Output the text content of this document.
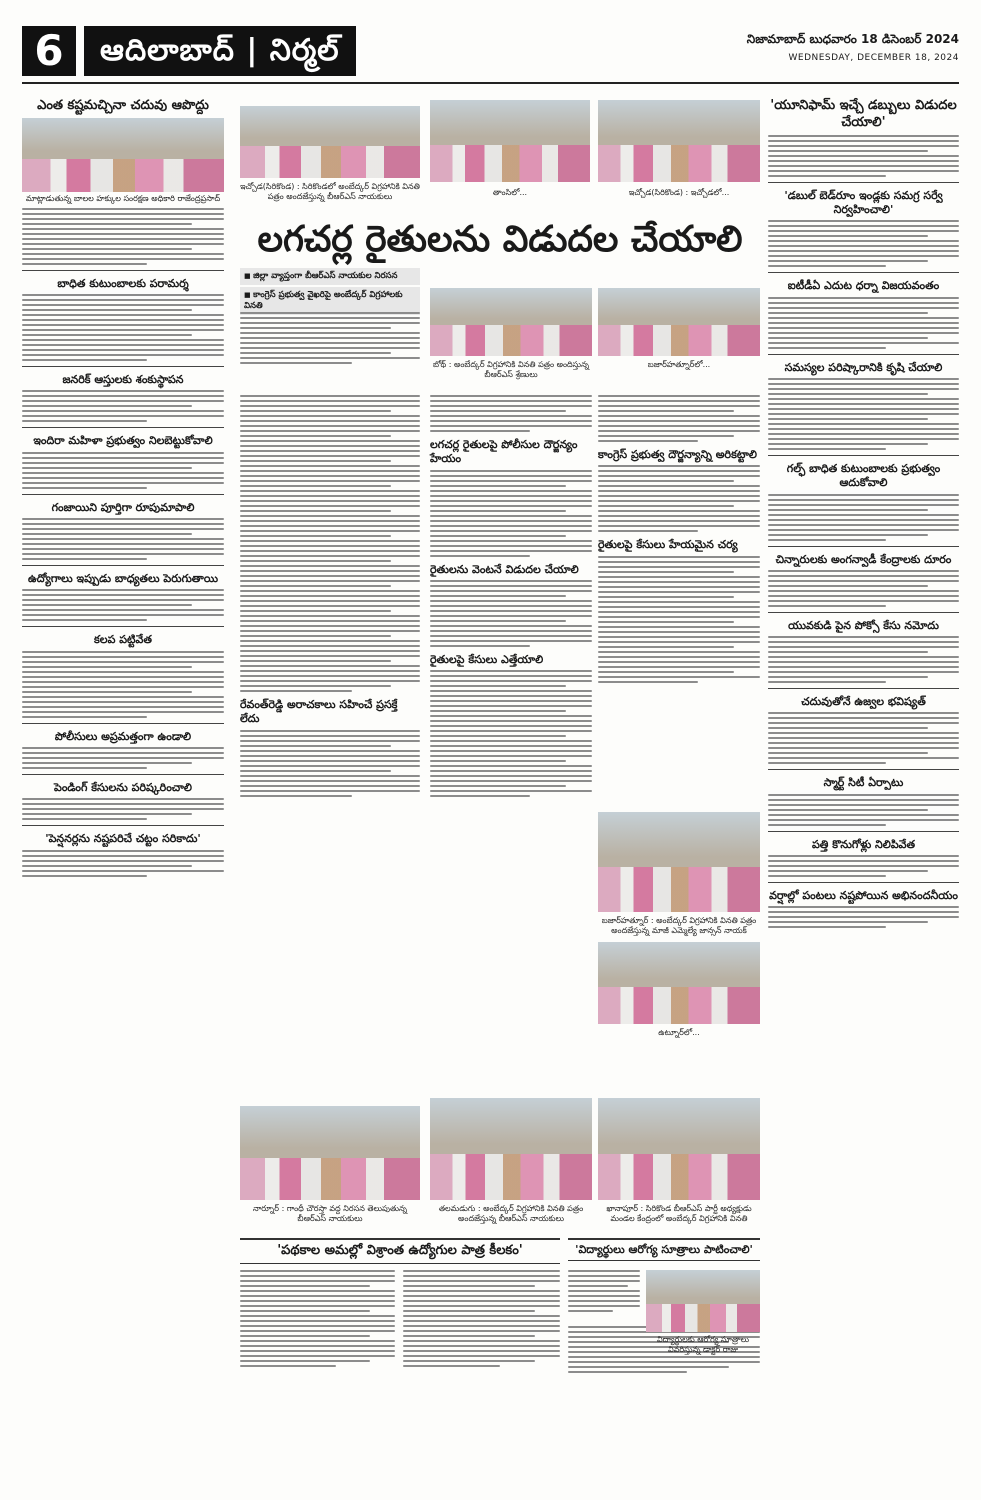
6	ఆదిలాబాద్ | నిర్మల్	నిజామాబాద్ బుధవారం 18 డిసెంబర్ 2024
WEDNESDAY, DECEMBER 18, 2024
ఎంత కష్టమచ్చినా చదువు ఆపొద్దు
మాట్లాడుతున్న బాలల హక్కుల సంరక్షణ అధికారి రాజేంద్రప్రసాద్
బాధిత కుటుంబాలకు పరామర్శ
జనరిక్ ఆస్తులకు శంకుస్థాపన
ఇందిరా మహిళా ప్రభుత్వం నిలబెట్టుకోవాలి
గంజాయిని పూర్తిగా రూపుమాపాలి
ఉద్యోగాలు ఇప్పుడు బాధ్యతలు పెరుగుతాయి
కలప పట్టివేత
పోలీసులు అప్రమత్తంగా ఉండాలి
పెండింగ్ కేసులను పరిష్కరించాలి
'పెన్షనర్లను నష్టపరిచే చట్టం సరికాదు'
ఇచ్చోడ(సిరికొండ) : సిరికొండలో అంబేద్కర్ విగ్రహానికి వినతి పత్రం అందజేస్తున్న బీఆర్ఎస్ నాయకులు	తాంసిలో...	ఇచ్చోడ(సిరికొండ) : ఇచ్చోడలో...
లగచర్ల రైతులను విడుదల చేయాలి
■ జిల్లా వ్యాప్తంగా బీఆర్ఎస్ నాయకుల నిరసన
■ కాంగ్రెస్ ప్రభుత్వ వైఖరిపై అంబేద్కర్ విగ్రహాలకు వినతి
బోథ్ : అంబేద్కర్ విగ్రహానికి వినతి పత్రం అందిస్తున్న బీఆర్ఎస్ శ్రేణులు
బజార్‌హత్నూర్‌లో...
రేవంత్‌రెడ్డి అరాచకాలు సహించే ప్రసక్తే లేదు
లగచర్ల రైతులపై పోలీసుల దౌర్జన్యం హేయం
రైతులను వెంటనే విడుదల చేయాలి
రైతులపై కేసులు ఎత్తేయాలి
కాంగ్రెస్ ప్రభుత్వ దౌర్జన్యాన్ని అరికట్టాలి
రైతులపై కేసులు హేయమైన చర్య
బజార్‌హత్నూర్ : అంబేద్కర్ విగ్రహానికి వినతి పత్రం అందజేస్తున్న మాజీ ఎమ్మెల్యే జాన్సన్ నాయక్
ఉట్నూర్‌లో...
నార్నూర్ : గాంధీ చౌరస్తా వద్ద నిరసన తెలుపుతున్న బీఆర్ఎస్ నాయకులు
తలమడుగు : అంబేద్కర్ విగ్రహానికి వినతి పత్రం అందజేస్తున్న బీఆర్ఎస్ నాయకులు
ఖానాపూర్ : సిరికొండ బీఆర్ఎస్ పార్టీ అధ్యక్షుడు మండల కేంద్రంలో అంబేద్కర్ విగ్రహానికి వినతి
'పథకాల అమల్లో విశ్రాంత ఉద్యోగుల పాత్ర కీలకం'	'విద్యార్థులు ఆరోగ్య సూత్రాలు పాటించాలి'
విద్యార్థులకు ఆరోగ్య సూత్రాలు వివరిస్తున్న డాక్టర్ రాజు
'యూనిఫామ్ ఇచ్చే డబ్బులు విడుదల చేయాలి'
'డబుల్ బెడ్‌రూం ఇండ్లకు సమగ్ర సర్వే నిర్వహించాలి'
ఐటీడీఏ ఎదుట ధర్నా విజయవంతం
సమస్యల పరిష్కారానికి కృషి చేయాలి
గల్ఫ్ బాధిత కుటుంబాలకు ప్రభుత్వం ఆదుకోవాలి
చిన్నారులకు అంగన్వాడీ కేంద్రాలకు దూరం
యువకుడి పైన పోక్సో కేసు నమోదు
చదువుతోనే ఉజ్వల భవిష్యత్
స్మార్ట్ సిటీ ఏర్పాటు
పత్తి కొనుగోళ్లు నిలిపివేత
వర్షాల్లో పంటలు నష్టపోయిన అభినందనీయం
